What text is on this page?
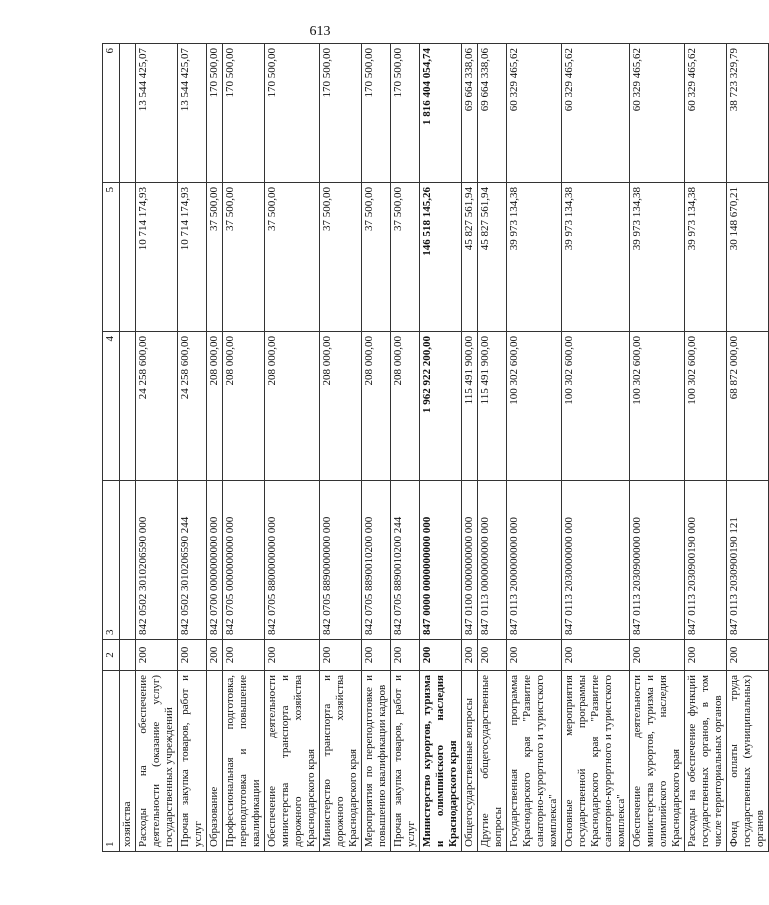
613
1	2	3	4	5	6
хозяйства					
Расходы на обеспечение деятельности (оказание услуг) государственных учреждений	200	842 0502 3010206590 000	24 258 600,00	10 714 174,93	13 544 425,07
Прочая закупка товаров, работ и услуг	200	842 0502 3010206590 244	24 258 600,00	10 714 174,93	13 544 425,07
Образование	200	842 0700 0000000000 000	208 000,00	37 500,00	170 500,00
Профессиональная подготовка, переподготовка и повышение квалификации	200	842 0705 0000000000 000	208 000,00	37 500,00	170 500,00
Обеспечение деятельности министерства транспорта и дорожного хозяйства Краснодарского края	200	842 0705 8800000000 000	208 000,00	37 500,00	170 500,00
Министерство транспорта и дорожного хозяйства Краснодарского края	200	842 0705 8890000000 000	208 000,00	37 500,00	170 500,00
Мероприятия по переподготовке и повышению квалификации кадров	200	842 0705 8890010200 000	208 000,00	37 500,00	170 500,00
Прочая закупка товаров, работ и услуг	200	842 0705 8890010200 244	208 000,00	37 500,00	170 500,00
Министерство курортов, туризма и олимпийского наследия Краснодарского края	200	847 0000 0000000000 000	1 962 922 200,00	146 518 145,26	1 816 404 054,74
Общегосударственные вопросы	200	847 0100 0000000000 000	115 491 900,00	45 827 561,94	69 664 338,06
Другие общегосударственные вопросы	200	847 0113 0000000000 000	115 491 900,00	45 827 561,94	69 664 338,06
Государственная программа Краснодарского края "Развитие санаторно-курортного и туристского комплекса"	200	847 0113 2000000000 000	100 302 600,00	39 973 134,38	60 329 465,62
Основные мероприятия государственной программы Краснодарского края "Развитие санаторно-курортного и туристского комплекса"	200	847 0113 2030000000 000	100 302 600,00	39 973 134,38	60 329 465,62
Обеспечение деятельности министерства курортов, туризма и олимпийского наследия Краснодарского края	200	847 0113 2030900000 000	100 302 600,00	39 973 134,38	60 329 465,62
Расходы на обеспечение функций государственных органов, в том числе территориальных органов	200	847 0113 2030900190 000	100 302 600,00	39 973 134,38	60 329 465,62
Фонд оплаты труда государственных (муниципальных) органов	200	847 0113 2030900190 121	68 872 000,00	30 148 670,21	38 723 329,79
